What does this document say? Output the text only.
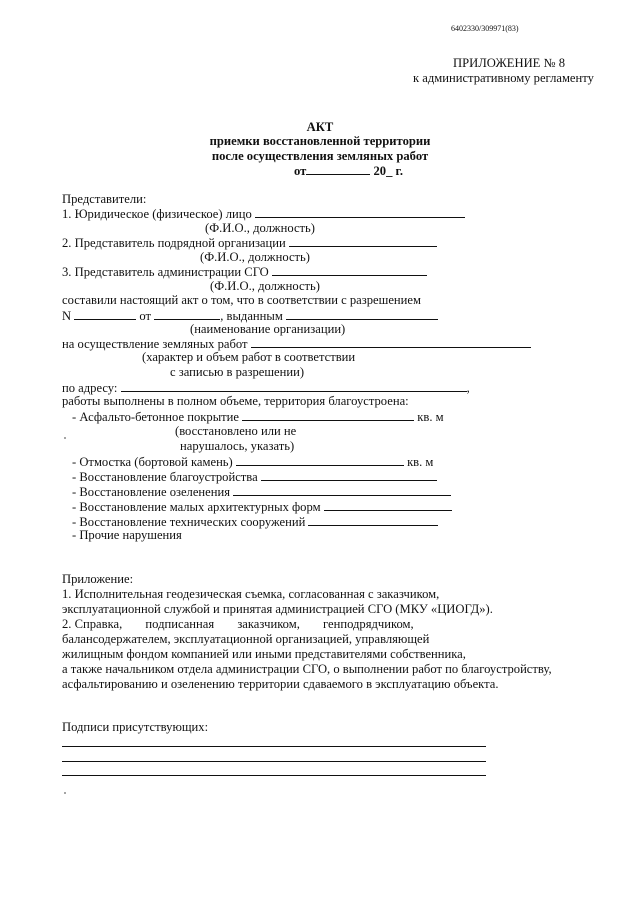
6402330/309971(83)
ПРИЛОЖЕНИЕ № 8
к административному регламенту
АКТ
приемки восстановленной территории
после осуществления земляных работ
от	20_ г.
Представители:
1. Юридическое (физическое) лицо
(Ф.И.О., должность)
2. Представитель подрядной организации
(Ф.И.О., должность)
3. Представитель администрации СГО
(Ф.И.О., должность)
составили настоящий акт о том, что в соответствии с разрешением
N	от	, выданным
(наименование организации)
на осуществление земляных работ
(характер и объем работ в соответствии
с записью в разрешении)
по адресу:	,
работы выполнены в полном объеме, территория благоустроена:
- Асфальто-бетонное покрытие	кв. м
(восстановлено или не
нарушалось, указать)
- Отмостка (бортовой камень)	кв. м
- Восстановление благоустройства
- Восстановление озеленения
- Восстановление малых архитектурных форм
- Восстановление технических сооружений
- Прочие нарушения
Приложение:
1. Исполнительная геодезическая съемка, согласованная с заказчиком,
эксплуатационной службой и принятая администрацией СГО (МКУ «ЦИОГД»).
2. Справка, подписанная заказчиком, генподрядчиком,
балансодержателем, эксплуатационной организацией, управляющей
жилищным фондом компанией или иными представителями собственника,
а также начальником отдела администрации СГО, о выполнении работ по благоустройству,
асфальтированию и озеленению территории сдаваемого в эксплуатацию объекта.
Подписи присутствующих:
